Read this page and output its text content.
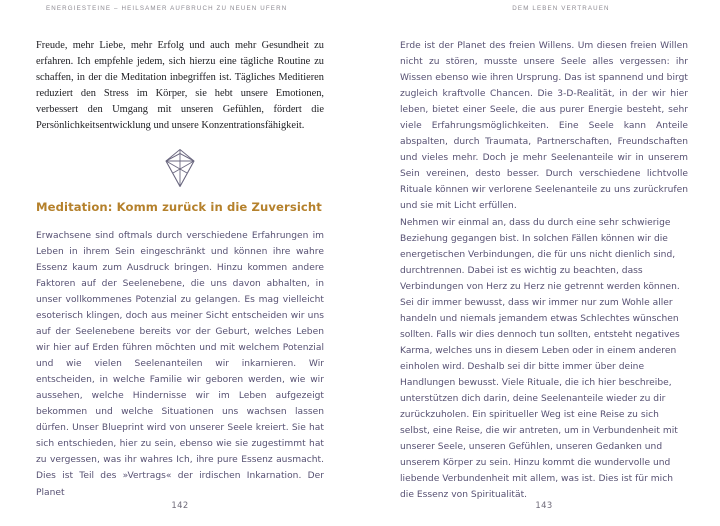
ENERGIESTEINE – HEILSAMER AUFBRUCH ZU NEUEN UFERN	DEM LEBEN VERTRAUEN

Freude, mehr Liebe, mehr Erfolg und auch mehr Gesundheit zu erfahren. Ich empfehle jedem, sich hierzu eine tägliche Routine zu schaffen, in der die Meditation inbegriffen ist. Tägliches Meditieren reduziert den Stress im Körper, sie hebt unsere Emotionen, verbessert den Umgang mit unseren Gefühlen, fördert die Persönlichkeitsentwicklung und unsere Konzentrationsfähigkeit.

Meditation: Komm zurück in die Zuversicht

Erwachsene sind oftmals durch verschiedene Erfahrungen im Leben in ihrem Sein eingeschränkt und können ihre wahre Essenz kaum zum Ausdruck bringen. Hinzu kommen andere Faktoren auf der Seelenebene, die uns davon abhalten, in unser vollkommenes Potenzial zu gelangen. Es mag vielleicht esoterisch klingen, doch aus meiner Sicht entscheiden wir uns auf der Seelenebene bereits vor der Geburt, welches Leben wir hier auf Erden führen möchten und mit welchem Potenzial und wie vielen Seelenanteilen wir inkarnieren. Wir entscheiden, in welche Familie wir geboren werden, wie wir aussehen, welche Hindernisse wir im Leben aufgezeigt bekommen und welche Situationen uns wachsen lassen dürfen. Unser Blueprint wird von unserer Seele kreiert. Sie hat sich entschieden, hier zu sein, ebenso wie sie zugestimmt hat zu vergessen, was ihr wahres Ich, ihre pure Essenz ausmacht. Dies ist Teil des »Vertrags« der irdischen Inkarnation. Der Planet

Erde ist der Planet des freien Willens. Um diesen freien Willen nicht zu stören, musste unsere Seele alles vergessen: ihr Wissen ebenso wie ihren Ursprung. Das ist spannend und birgt zugleich kraftvolle Chancen. Die 3-D-Realität, in der wir hier leben, bietet einer Seele, die aus purer Energie besteht, sehr viele Erfahrungsmöglichkeiten. Eine Seele kann Anteile abspalten, durch Traumata, Partnerschaften, Freundschaften und vieles mehr. Doch je mehr Seelenanteile wir in unserem Sein vereinen, desto besser. Durch verschiedene lichtvolle Rituale können wir verlorene Seelenanteile zu uns zurückrufen und sie mit Licht erfüllen.

Nehmen wir einmal an, dass du durch eine sehr schwierige Beziehung gegangen bist. In solchen Fällen können wir die energetischen Verbindungen, die für uns nicht dienlich sind, durchtrennen. Dabei ist es wichtig zu beachten, dass Verbindungen von Herz zu Herz nie getrennt werden können. Sei dir immer bewusst, dass wir immer nur zum Wohle aller handeln und niemals jemandem etwas Schlechtes wünschen sollten. Falls wir dies dennoch tun sollten, entsteht negatives Karma, welches uns in diesem Leben oder in einem anderen einholen wird. Deshalb sei dir bitte immer über deine Handlungen bewusst. Viele Rituale, die ich hier beschreibe, unterstützen dich darin, deine Seelenanteile wieder zu dir zurückzuholen. Ein spiritueller Weg ist eine Reise zu sich selbst, eine Reise, die wir antreten, um in Verbundenheit mit unserer Seele, unseren Gefühlen, unseren Gedanken und unserem Körper zu sein. Hinzu kommt die wundervolle und liebende Verbundenheit mit allem, was ist. Dies ist für mich die Essenz von Spiritualität.

142	143
